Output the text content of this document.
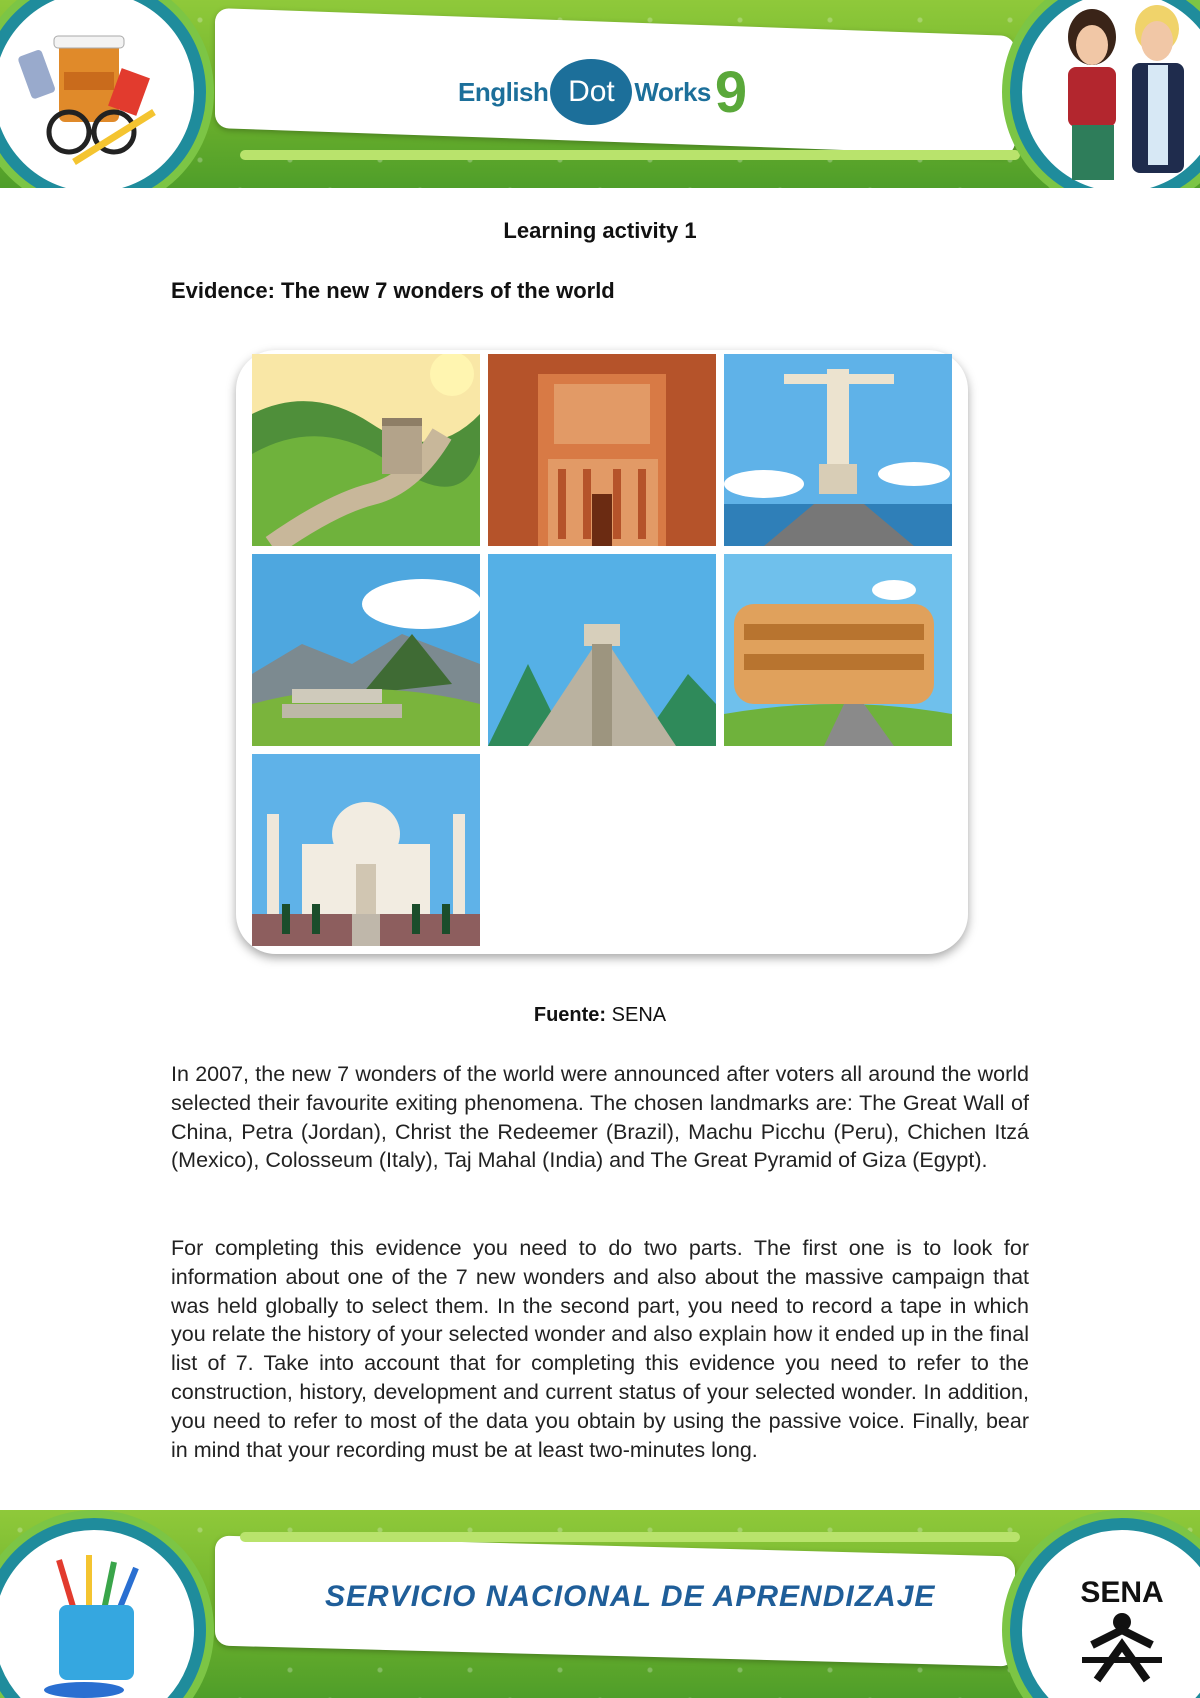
English Dot Works 9
Learning activity 1
Evidence: The new 7 wonders of the world
Fuente: SENA
In 2007, the new 7 wonders of the world were announced after voters all around the world selected their favourite exiting phenomena. The chosen landmarks are: The Great Wall of China, Petra (Jordan), Christ the Redeemer (Brazil), Machu Picchu (Peru), Chichen Itzá (Mexico), Colosseum (Italy), Taj Mahal (India) and The Great Pyramid of Giza (Egypt).
For completing this evidence you need to do two parts. The first one is to look for information about one of the 7 new wonders and also about the massive campaign that was held globally to select them. In the second part, you need to record a tape in which you relate the history of your selected wonder and also explain how it ended up in the final list of 7. Take into account that for completing this evidence you need to refer to the construction, history, development and current status of your selected wonder. In addition, you need to refer to most of the data you obtain by using the passive voice. Finally, bear in mind that your recording must be at least two-minutes long.
SERVICIO NACIONAL DE APRENDIZAJE	SENA
